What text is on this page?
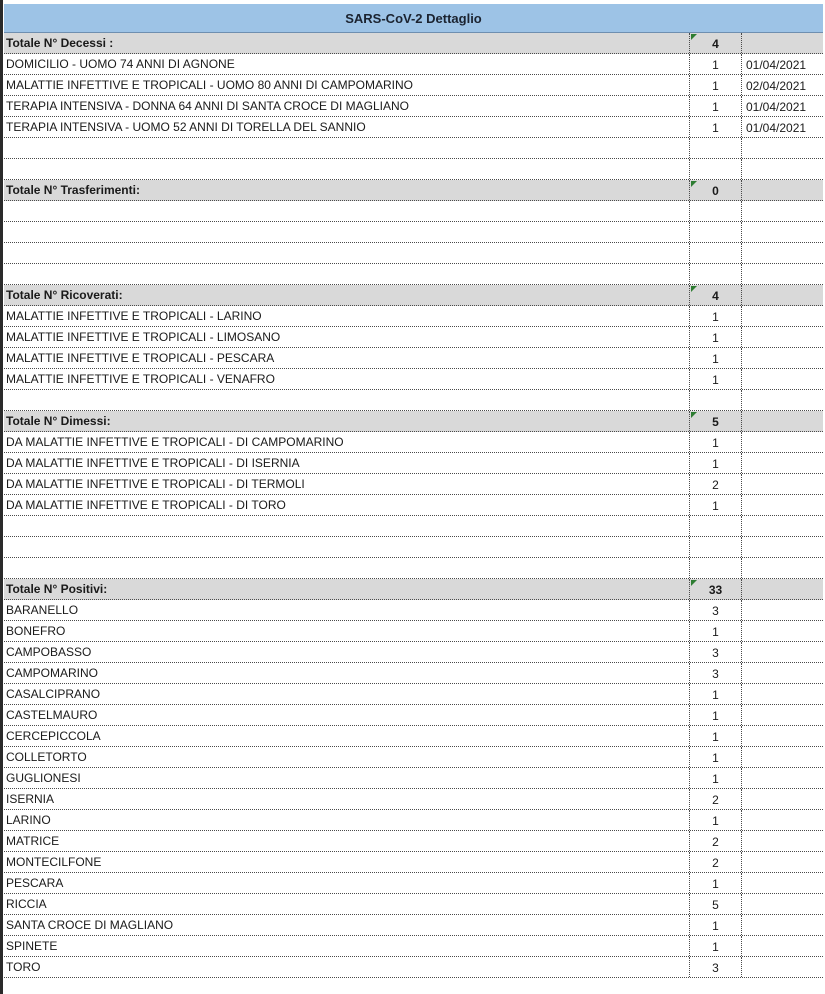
SARS-CoV-2 Dettaglio
Totale N° Decessi :	4
DOMICILIO - UOMO 74 ANNI DI AGNONE	1	01/04/2021
MALATTIE INFETTIVE E TROPICALI - UOMO 80 ANNI DI CAMPOMARINO	1	02/04/2021
TERAPIA INTENSIVA - DONNA 64 ANNI DI SANTA CROCE DI MAGLIANO	1	01/04/2021
TERAPIA INTENSIVA - UOMO 52 ANNI DI TORELLA DEL SANNIO	1	01/04/2021
Totale N° Trasferimenti:	0
Totale N° Ricoverati:	4
MALATTIE INFETTIVE E TROPICALI - LARINO	1
MALATTIE INFETTIVE E TROPICALI - LIMOSANO	1
MALATTIE INFETTIVE E TROPICALI - PESCARA	1
MALATTIE INFETTIVE E TROPICALI - VENAFRO	1
Totale N° Dimessi:	5
DA MALATTIE INFETTIVE E TROPICALI - DI CAMPOMARINO	1
DA MALATTIE INFETTIVE E TROPICALI - DI ISERNIA	1
DA MALATTIE INFETTIVE E TROPICALI - DI TERMOLI	2
DA MALATTIE INFETTIVE E TROPICALI - DI TORO	1
Totale N° Positivi:	33
BARANELLO	3
BONEFRO	1
CAMPOBASSO	3
CAMPOMARINO	3
CASALCIPRANO	1
CASTELMAURO	1
CERCEPICCOLA	1
COLLETORTO	1
GUGLIONESI	1
ISERNIA	2
LARINO	1
MATRICE	2
MONTECILFONE	2
PESCARA	1
RICCIA	5
SANTA CROCE DI MAGLIANO	1
SPINETE	1
TORO	3
